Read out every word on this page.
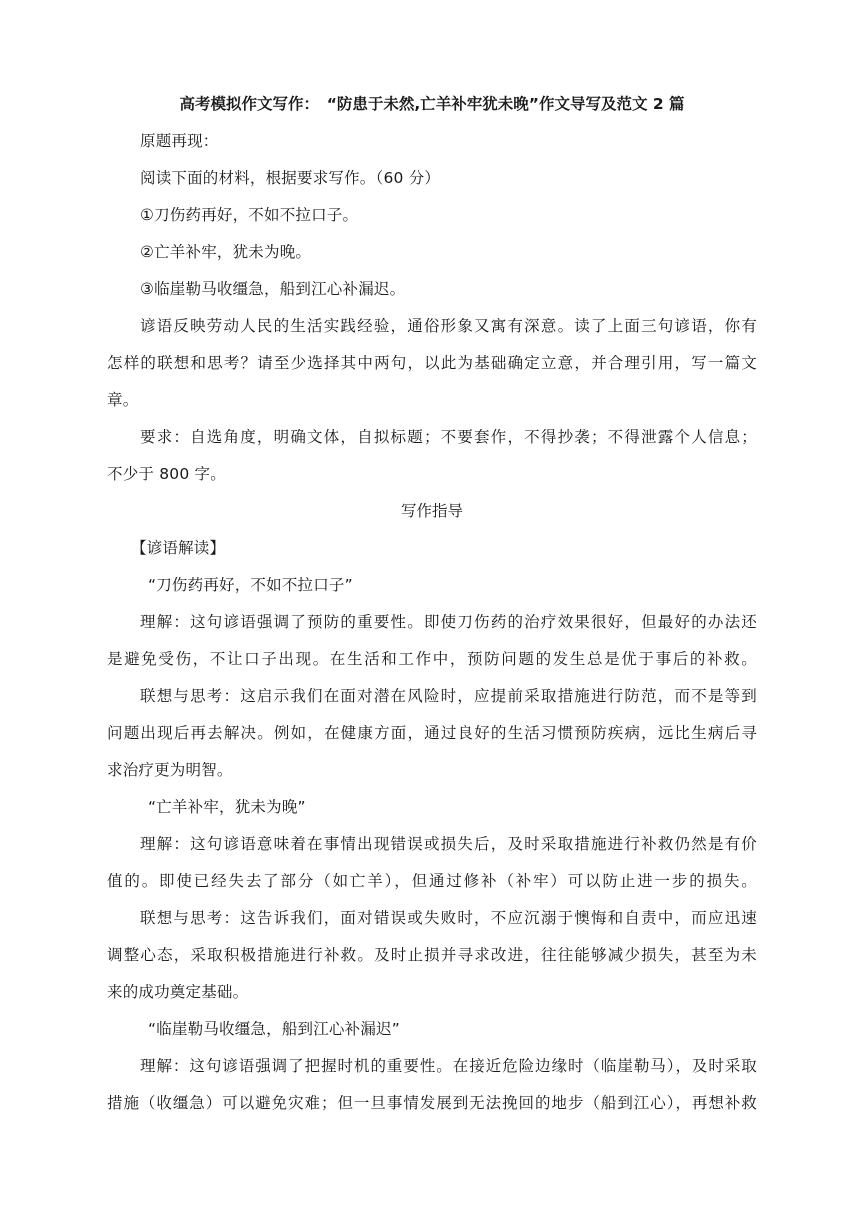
高考模拟作文写作：　“防患于未然,亡羊补牢犹未晚”作文导写及范文 2 篇
原题再现：
阅读下面的材料，根据要求写作。（60 分）
①刀伤药再好，不如不拉口子。
②亡羊补牢，犹未为晚。
③临崖勒马收缰急，船到江心补漏迟。
谚语反映劳动人民的生活实践经验，通俗形象又寓有深意。读了上面三句谚语，你有
怎样的联想和思考？请至少选择其中两句，以此为基础确定立意，并合理引用，写一篇文
章。
要求：自选角度，明确文体，自拟标题；不要套作，不得抄袭；不得泄露个人信息；
不少于 800 字。
写作指导
【谚语解读】
“刀伤药再好，不如不拉口子”
理解：这句谚语强调了预防的重要性。即使刀伤药的治疗效果很好，但最好的办法还
是避免受伤，不让口子出现。在生活和工作中，预防问题的发生总是优于事后的补救。
联想与思考：这启示我们在面对潜在风险时，应提前采取措施进行防范，而不是等到
问题出现后再去解决。例如，在健康方面，通过良好的生活习惯预防疾病，远比生病后寻
求治疗更为明智。
“亡羊补牢，犹未为晚”
理解：这句谚语意味着在事情出现错误或损失后，及时采取措施进行补救仍然是有价
值的。即使已经失去了部分（如亡羊），但通过修补（补牢）可以防止进一步的损失。
联想与思考：这告诉我们，面对错误或失败时，不应沉溺于懊悔和自责中，而应迅速
调整心态，采取积极措施进行补救。及时止损并寻求改进，往往能够减少损失，甚至为未
来的成功奠定基础。
“临崖勒马收缰急，船到江心补漏迟”
理解：这句谚语强调了把握时机的重要性。在接近危险边缘时（临崖勒马），及时采取
措施（收缰急）可以避免灾难；但一旦事情发展到无法挽回的地步（船到江心），再想补救
